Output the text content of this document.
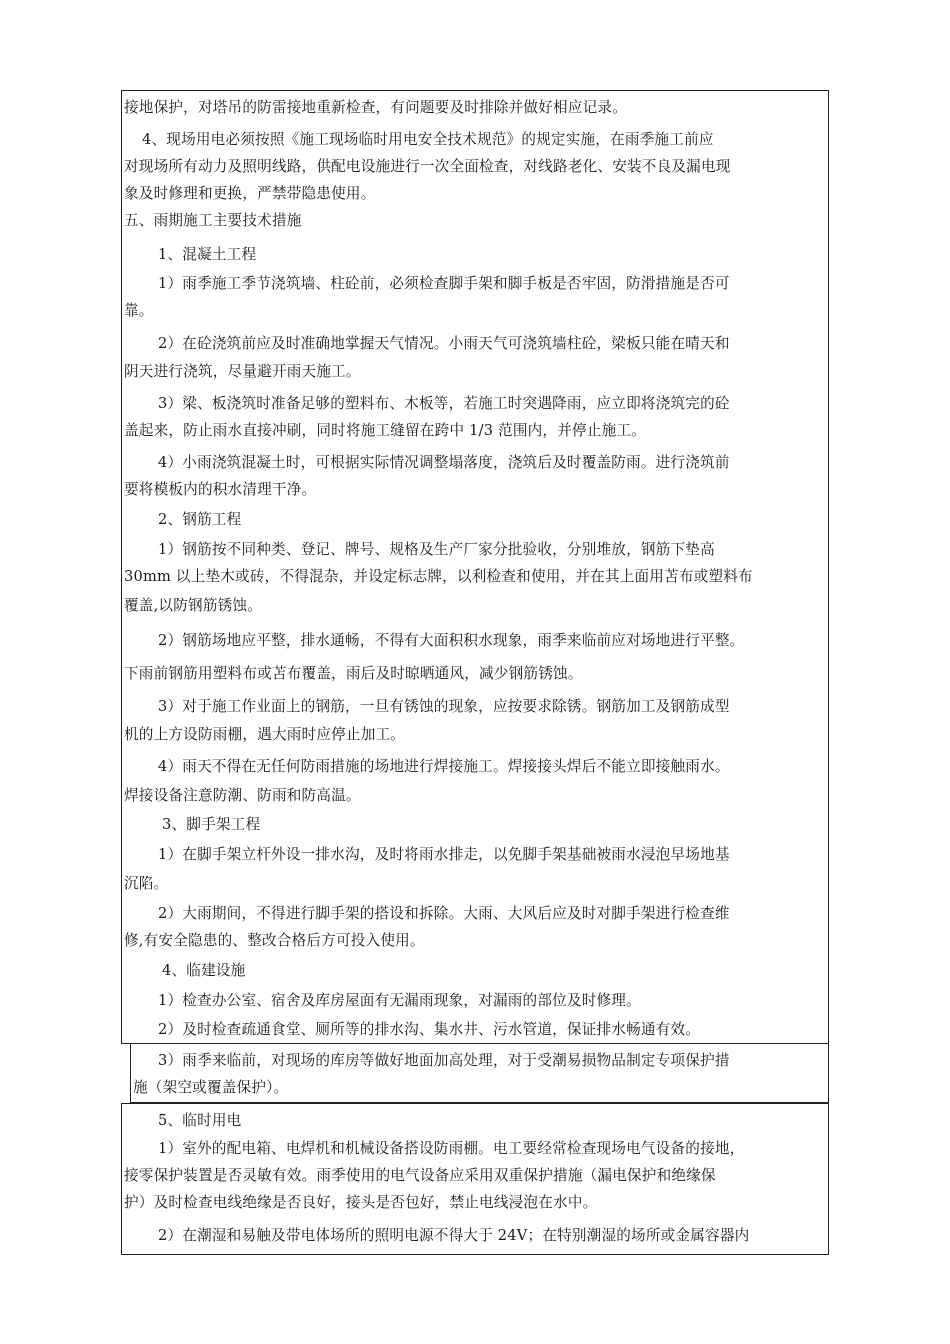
接地保护，对塔吊的防雷接地重新检查，有问题要及时排除并做好相应记录。
4、现场用电必须按照《施工现场临时用电安全技术规范》的规定实施，在雨季施工前应
对现场所有动力及照明线路，供配电设施进行一次全面检查，对线路老化、安装不良及漏电现
象及时修理和更换，严禁带隐患使用。
五、雨期施工主要技术措施
1、混凝土工程
1）雨季施工季节浇筑墙、柱砼前，必须检查脚手架和脚手板是否牢固，防滑措施是否可
靠。
2）在砼浇筑前应及时准确地掌握天气情况。小雨天气可浇筑墙柱砼，梁板只能在晴天和
阴天进行浇筑，尽量避开雨天施工。
3）梁、板浇筑时准备足够的塑料布、木板等，若施工时突遇降雨，应立即将浇筑完的砼
盖起来，防止雨水直接冲刷，同时将施工缝留在跨中 1/3 范围内，并停止施工。
4）小雨浇筑混凝土时，可根据实际情况调整塌落度，浇筑后及时覆盖防雨。进行浇筑前
要将模板内的积水清理干净。
2、钢筋工程
1）钢筋按不同种类、登记、牌号、规格及生产厂家分批验收，分别堆放，钢筋下垫高
30mm 以上垫木或砖，不得混杂，并设定标志牌，以利检查和使用，并在其上面用苫布或塑料布
覆盖,以防钢筋锈蚀。
2）钢筋场地应平整，排水通畅，不得有大面积积水现象，雨季来临前应对场地进行平整。
下雨前钢筋用塑料布或苫布覆盖，雨后及时晾晒通风，减少钢筋锈蚀。
3）对于施工作业面上的钢筋，一旦有锈蚀的现象，应按要求除锈。钢筋加工及钢筋成型
机的上方设防雨棚，遇大雨时应停止加工。
4）雨天不得在无任何防雨措施的场地进行焊接施工。焊接接头焊后不能立即接触雨水。
焊接设备注意防潮、防雨和防高温。
3、脚手架工程
1）在脚手架立杆外设一排水沟，及时将雨水排走，以免脚手架基础被雨水浸泡早场地基
沉陷。
2）大雨期间，不得进行脚手架的搭设和拆除。大雨、大风后应及时对脚手架进行检查维
修,有安全隐患的、整改合格后方可投入使用。
4、临建设施
1）检查办公室、宿舍及库房屋面有无漏雨现象，对漏雨的部位及时修理。
2）及时检查疏通食堂、厕所等的排水沟、集水井、污水管道，保证排水畅通有效。
3）雨季来临前，对现场的库房等做好地面加高处理，对于受潮易损物品制定专项保护措
施（架空或覆盖保护）。
5、临时用电
1）室外的配电箱、电焊机和机械设备搭设防雨棚。电工要经常检查现场电气设备的接地，
接零保护装置是否灵敏有效。雨季使用的电气设备应采用双重保护措施（漏电保护和绝缘保
护）及时检查电线绝缘是否良好，接头是否包好，禁止电线浸泡在水中。
2）在潮湿和易触及带电体场所的照明电源不得大于 24V；在特别潮湿的场所或金属容器内
